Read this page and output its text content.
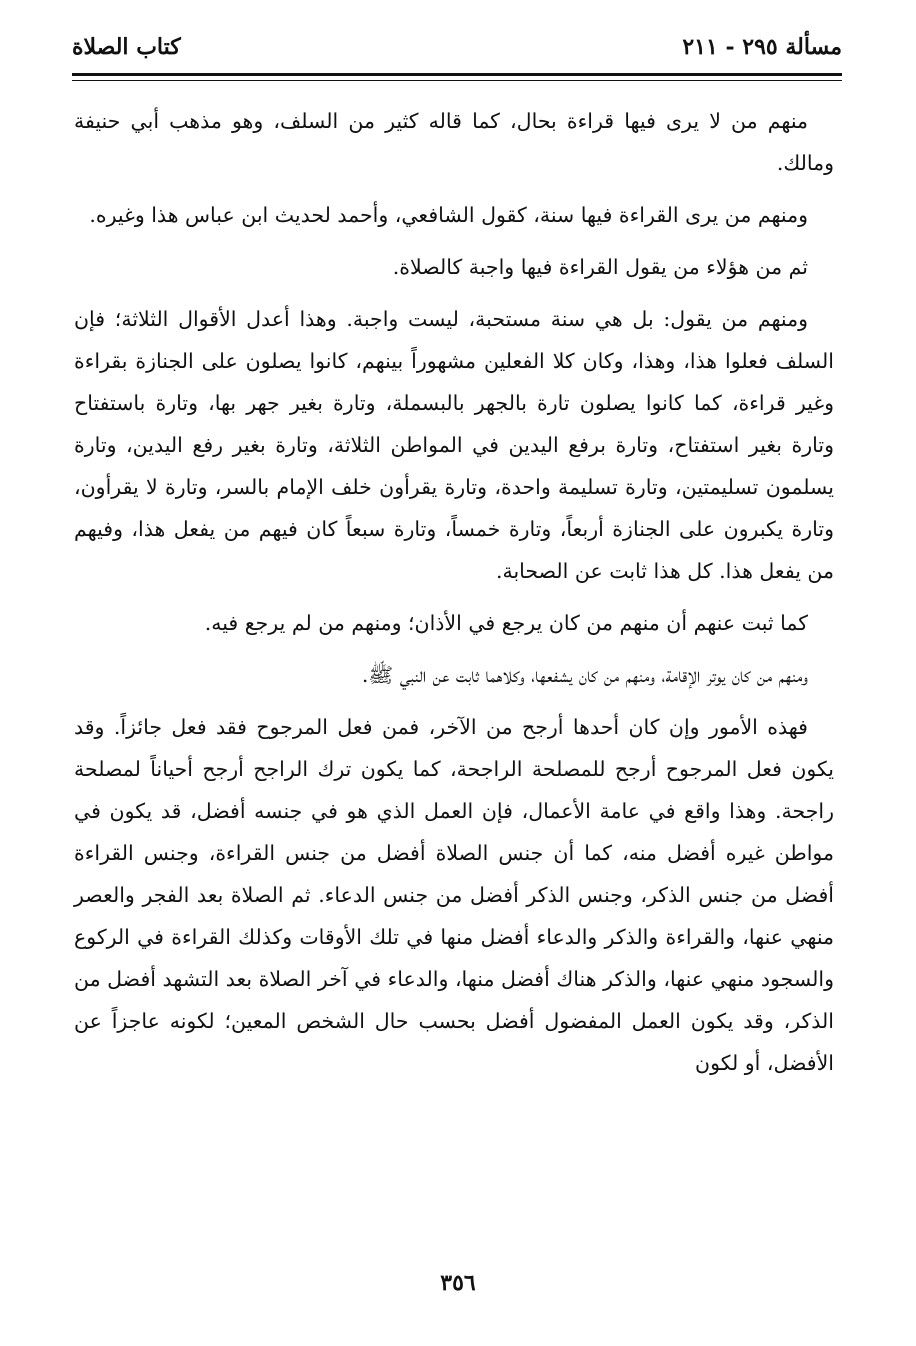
مسألة ٢٩٥ - ٢١١
كتاب الصلاة

منهم من لا يرى فيها قراءة بحال، كما قاله كثير من السلف، وهو مذهب أبي حنيفة ومالك.

ومنهم من يرى القراءة فيها سنة، كقول الشافعي، وأحمد لحديث ابن عباس هذا وغيره.

ثم من هؤلاء من يقول القراءة فيها واجبة كالصلاة.

ومنهم من يقول: بل هي سنة مستحبة، ليست واجبة. وهذا أعدل الأقوال الثلاثة؛ فإن السلف فعلوا هذا، وهذا، وكان كلا الفعلين مشهوراً بينهم، كانوا يصلون على الجنازة بقراءة وغير قراءة، كما كانوا يصلون تارة بالجهر بالبسملة، وتارة بغير جهر بها، وتارة باستفتاح وتارة بغير استفتاح، وتارة برفع اليدين في المواطن الثلاثة، وتارة بغير رفع اليدين، وتارة يسلمون تسليمتين، وتارة تسليمة واحدة، وتارة يقرأون خلف الإمام بالسر، وتارة لا يقرأون، وتارة يكبرون على الجنازة أربعاً، وتارة خمساً، وتارة سبعاً كان فيهم من يفعل هذا، وفيهم من يفعل هذا. كل هذا ثابت عن الصحابة.

كما ثبت عنهم أن منهم من كان يرجع في الأذان؛ ومنهم من لم يرجع فيه.

ومنهم من كان يوتر الإقامة، ومنهم من كان يشفعها، وكلاهما ثابت عن النبي ﷺ.

فهذه الأمور وإن كان أحدها أرجح من الآخر، فمن فعل المرجوح فقد فعل جائزاً. وقد يكون فعل المرجوح أرجح للمصلحة الراجحة، كما يكون ترك الراجح أرجح أحياناً لمصلحة راجحة. وهذا واقع في عامة الأعمال، فإن العمل الذي هو في جنسه أفضل، قد يكون في مواطن غيره أفضل منه، كما أن جنس الصلاة أفضل من جنس القراءة، وجنس القراءة أفضل من جنس الذكر، وجنس الذكر أفضل من جنس الدعاء. ثم الصلاة بعد الفجر والعصر منهي عنها، والقراءة والذكر والدعاء أفضل منها في تلك الأوقات وكذلك القراءة في الركوع والسجود منهي عنها، والذكر هناك أفضل منها، والدعاء في آخر الصلاة بعد التشهد أفضل من الذكر، وقد يكون العمل المفضول أفضل بحسب حال الشخص المعين؛ لكونه عاجزاً عن الأفضل، أو لكون

٣٥٦
